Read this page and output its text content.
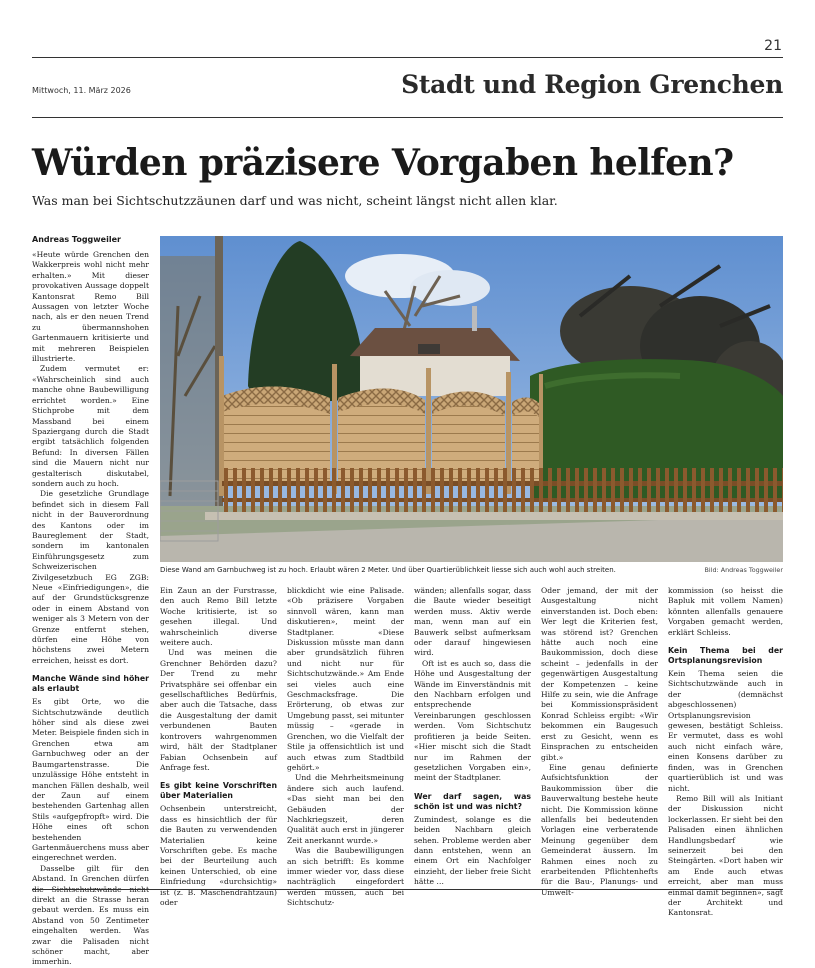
21
Mittwoch, 11. März 2026	Stadt und Region Grenchen
Würden präzisere Vorgaben helfen?
Was man bei Sichtschutzzäunen darf und was nicht, scheint längst nicht allen klar.
Andreas Toggweiler

«Heute würde Grenchen den Wakkerpreis wohl nicht mehr erhalten.» Mit dieser provokativen Aussage doppelt Kantonsrat Remo Bill Aussagen von letzter Woche nach, als er den neuen Trend zu übermannshohen Gartenmauern kritisierte und mit mehreren Beispielen illustrierte.

Zudem vermutet er: «Wahrscheinlich sind auch manche ohne Baubewilligung errichtet worden.» Eine Stichprobe mit dem Massband bei einem Spaziergang durch die Stadt ergibt tatsächlich folgenden Befund: In diversen Fällen sind die Mauern nicht nur gestalterisch diskutabel, sondern auch zu hoch.

Die gesetzliche Grundlage befindet sich in diesem Fall nicht in der Bauverordnung des Kantons oder im Baureglement der Stadt, sondern im kantonalen Einführungsgesetz zum Schweizerischen Zivilgesetzbuch EG ZGB: Neue «Einfriedigungen», die auf der Grundstücksgrenze oder in einem Abstand von weniger als 3 Metern von der Grenze entfernt stehen, dürfen eine Höhe von höchstens zwei Metern erreichen, heisst es dort.

Manche Wände sind höher als erlaubt

Es gibt Orte, wo die Sichtschutzwände deutlich höher sind als diese zwei Meter. Beispiele finden sich in Grenchen etwa am Garnbuchweg oder an der Baumgartenstrasse. Die unzulässige Höhe entsteht in manchen Fällen deshalb, weil der Zaun auf einem bestehenden Gartenhag allen Stils «aufgepfropft» wird. Die Höhe eines oft schon bestehenden Gartenmäuerchens muss aber eingerechnet werden.

Dasselbe gilt für den Abstand. In Grenchen dürfen die Sichtschutzwände nicht direkt an die Strasse heran gebaut werden. Es muss ein Abstand von 50 Zentimeter eingehalten werden. Was zwar die Palisaden nicht schöner macht, aber immerhin.

Diese Wand am Garnbuchweg ist zu hoch. Erlaubt wären 2 Meter. Und über Quartierüblichkeit liesse sich auch wohl auch streiten.	Bild: Andreas Toggweiler

Ein Zaun an der Furstrasse, den auch Remo Bill letzte Woche kritisierte, ist so gesehen illegal. Und wahrscheinlich diverse weitere auch.

Und was meinen die Grenchner Behörden dazu? Der Trend zu mehr Privatsphäre sei offenbar ein gesellschaftliches Bedürfnis, aber auch die Tatsache, dass die Ausgestaltung der damit verbundenen Bauten kontrovers wahrgenommen wird, hält der Stadtplaner Fabian Ochsenbein auf Anfrage fest.

Es gibt keine Vorschriften über Materialien

Ochsenbein unterstreicht, dass es hinsichtlich der für die Bauten zu verwendenden Materialien keine Vorschriften gebe. Es mache bei der Beurteilung auch keinen Unterschied, ob eine Einfriedung «durchsichtig» ist (z. B. Maschendrahtzaun) oder

blickdicht wie eine Palisade. «Ob präzisere Vorgaben sinnvoll wären, kann man diskutieren», meint der Stadtplaner. «Diese Diskussion müsste man dann aber grundsätzlich führen und nicht nur für Sichtschutzwände.» Am Ende sei vieles auch eine Geschmacksfrage. Die Erörterung, ob etwas zur Umgebung passt, sei mitunter müssig – «gerade in Grenchen, wo die Vielfalt der Stile ja offensichtlich ist und auch etwas zum Stadtbild gehört.»

Und die Mehrheitsmeinung ändere sich auch laufend. «Das sieht man bei den Gebäuden der Nachkriegszeit, deren Qualität auch erst in jüngerer Zeit anerkannt wurde.»

Was die Baubewilligungen an sich betrifft: Es komme immer wieder vor, dass diese nachträglich eingefordert werden müssen, auch bei Sichtschutz-

wänden; allenfalls sogar, dass die Baute wieder beseitigt werden muss. Aktiv werde man, wenn man auf ein Bauwerk selbst aufmerksam oder darauf hingewiesen wird.

Oft ist es auch so, dass die Höhe und Ausgestaltung der Wände im Einverständnis mit den Nachbarn erfolgen und entsprechende Vereinbarungen geschlossen werden. Vom Sichtschutz profitieren ja beide Seiten. «Hier mischt sich die Stadt nur im Rahmen der gesetzlichen Vorgaben ein», meint der Stadtplaner.

Wer darf sagen, was schön ist und was nicht?

Zumindest, solange es die beiden Nachbarn gleich sehen. Probleme werden aber dann entstehen, wenn an einem Ort ein Nachfolger einzieht, der lieber freie Sicht hätte …

Oder jemand, der mit der Ausgestaltung nicht einverstanden ist. Doch eben: Wer legt die Kriterien fest, was störend ist? Grenchen hätte auch noch eine Baukommission, doch diese scheint – jedenfalls in der gegenwärtigen Ausgestaltung der Kompetenzen – keine Hilfe zu sein, wie die Anfrage bei Kommissionspräsident Konrad Schleiss ergibt: «Wir bekommen ein Baugesuch erst zu Gesicht, wenn es Einsprachen zu entscheiden gibt.»

Eine genau definierte Aufsichtsfunktion der Baukommission über die Bauverwaltung bestehe heute nicht. Die Kommission könne allenfalls bei bedeutenden Vorlagen eine verberatende Meinung gegenüber dem Gemeinderat äussern. Im Rahmen eines noch zu erarbeitenden Pflichtenhefts für die Bau-, Planungs- und Umwelt-

kommission (so heisst die Bapluk mit vollem Namen) könnten allenfalls genauere Vorgaben gemacht werden, erklärt Schleiss.

Kein Thema bei der Ortsplanungsrevision

Kein Thema seien die Sichtschutzwände auch in der (demnächst abgeschlossenen) Ortsplanungsrevision gewesen, bestätigt Schleiss. Er vermutet, dass es wohl auch nicht einfach wäre, einen Konsens darüber zu finden, was in Grenchen quartierüblich ist und was nicht.

Remo Bill will als Initiant der Diskussion nicht lockerlassen. Er sieht bei den Palisaden einen ähnlichen Handlungsbedarf wie seinerzeit bei den Steingärten. «Dort haben wir am Ende auch etwas erreicht, aber man muss einmal damit beginnen», sagt der Architekt und Kantonsrat.
